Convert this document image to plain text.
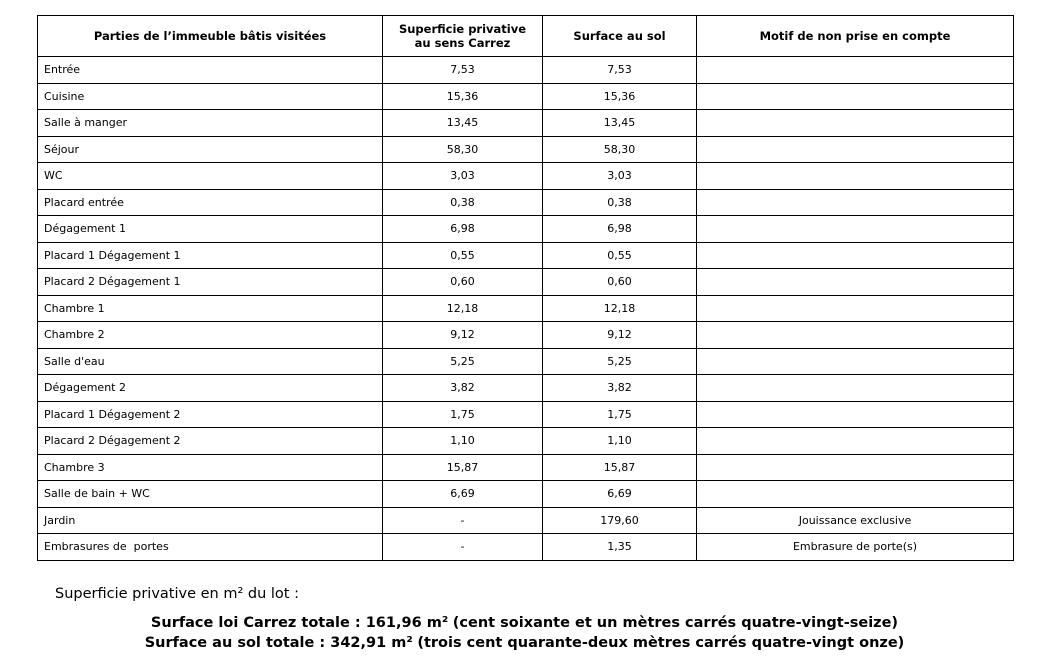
Parties de l’immeuble bâtis visitées	Superficie privative au sens Carrez	Surface au sol	Motif de non prise en compte
Entrée	7,53	7,53	
Cuisine	15,36	15,36	
Salle à manger	13,45	13,45	
Séjour	58,30	58,30	
WC	3,03	3,03	
Placard entrée	0,38	0,38	
Dégagement 1	6,98	6,98	
Placard 1 Dégagement 1	0,55	0,55	
Placard 2 Dégagement 1	0,60	0,60	
Chambre 1	12,18	12,18	
Chambre 2	9,12	9,12	
Salle d'eau	5,25	5,25	
Dégagement 2	3,82	3,82	
Placard 1 Dégagement 2	1,75	1,75	
Placard 2 Dégagement 2	1,10	1,10	
Chambre 3	15,87	15,87	
Salle de bain + WC	6,69	6,69	
Jardin	-	179,60	Jouissance exclusive
Embrasures de  portes	-	1,35	Embrasure de porte(s)
Superficie privative en m² du lot :
Surface loi Carrez totale : 161,96 m² (cent soixante et un mètres carrés quatre-vingt-seize)
Surface au sol totale : 342,91 m² (trois cent quarante-deux mètres carrés quatre-vingt onze)
